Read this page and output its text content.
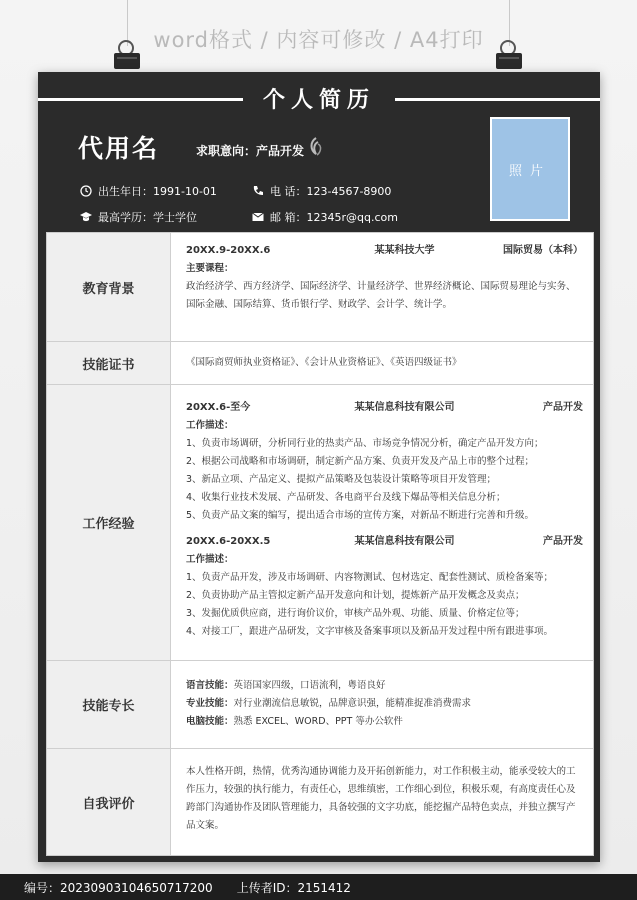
word格式 / 内容可修改 / A4打印
个人简历
代用名	求职意向：产品开发
出生年日：1991-10-01	电 话：123-4567-8900
最高学历：学士学位	邮 箱：12345r@qq.com
照片
教育背景
20XX.9-20XX.6	某某科技大学	国际贸易（本科）

主要课程：

政治经济学、西方经济学、国际经济学、计量经济学、世界经济概论、国际贸易理论与实务、国际金融、国际结算、货币银行学、财政学、会计学、统计学。

技能证书	《国际商贸师执业资格证》、《会计从业资格证》、《英语四级证书》

工作经验
20XX.6-至今	某某信息科技有限公司	产品开发

工作描述：

1、负责市场调研，分析同行业的热卖产品、市场竞争情况分析，确定产品开发方向；

2、根据公司战略和市场调研，制定新产品方案、负责开发及产品上市的整个过程；

3、新品立项、产品定义、提拟产品策略及包装设计策略等项目开发管理；

4、收集行业技术发展、产品研发、各电商平台及线下爆品等相关信息分析；

5、负责产品文案的编写，提出适合市场的宣传方案，对新品不断进行完善和升级。

20XX.6-20XX.5	某某信息科技有限公司	产品开发

工作描述：

1、负责产品开发，涉及市场调研、内容物测试、包材选定、配套性测试、质检备案等；

2、负责协助产品主管拟定新产品开发意向和计划，提炼新产品开发概念及卖点；

3、发掘优质供应商，进行询价议价，审核产品外观、功能、质量、价格定位等；

4、对接工厂，跟进产品研发，文字审核及备案事项以及新品开发过程中所有跟进事项。

技能专长

语言技能：英语国家四级，口语流利，粤语良好

专业技能：对行业潮流信息敏锐，品牌意识强，能精准捉准消费需求

电脑技能：熟悉 EXCEL、WORD、PPT 等办公软件

自我评价

本人性格开朗，热情，优秀沟通协调能力及开拓创新能力，对工作积极主动，能承受较大的工作压力，较强的执行能力，有责任心，思维缜密，工作细心到位，积极乐观，有高度责任心及跨部门沟通协作及团队管理能力，具备较强的文字功底，能挖掘产品特色卖点，并独立撰写产品文案。

编号：20230903104650717200 上传者ID：2151412
